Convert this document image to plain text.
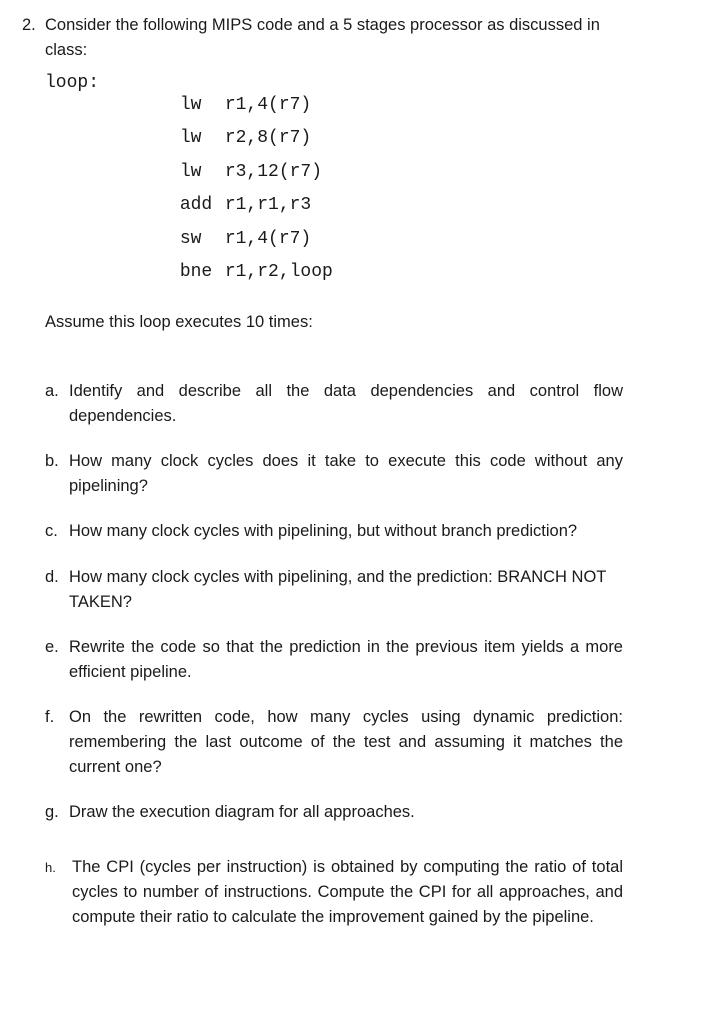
2. Consider the following MIPS code and a 5 stages processor as discussed in class:
loop:

lw r1,4(r7)

lw r2,8(r7)

lw r3,12(r7)

add r1,r1,r3

sw r1,4(r7)

bne r1,r2,loop

Assume this loop executes 10 times:
a. Identify and describe all the data dependencies and control flow dependencies.
b. How many clock cycles does it take to execute this code without any pipelining?
c. How many clock cycles with pipelining, but without branch prediction?
d. How many clock cycles with pipelining, and the prediction: BRANCH NOT TAKEN?
e. Rewrite the code so that the prediction in the previous item yields a more efficient pipeline.
f. On the rewritten code, how many cycles using dynamic prediction: remembering the last outcome of the test and assuming it matches the current one?
g. Draw the execution diagram for all approaches.
h. The CPI (cycles per instruction) is obtained by computing the ratio of total cycles to number of instructions. Compute the CPI for all approaches, and compute their ratio to calculate the improvement gained by the pipeline.
